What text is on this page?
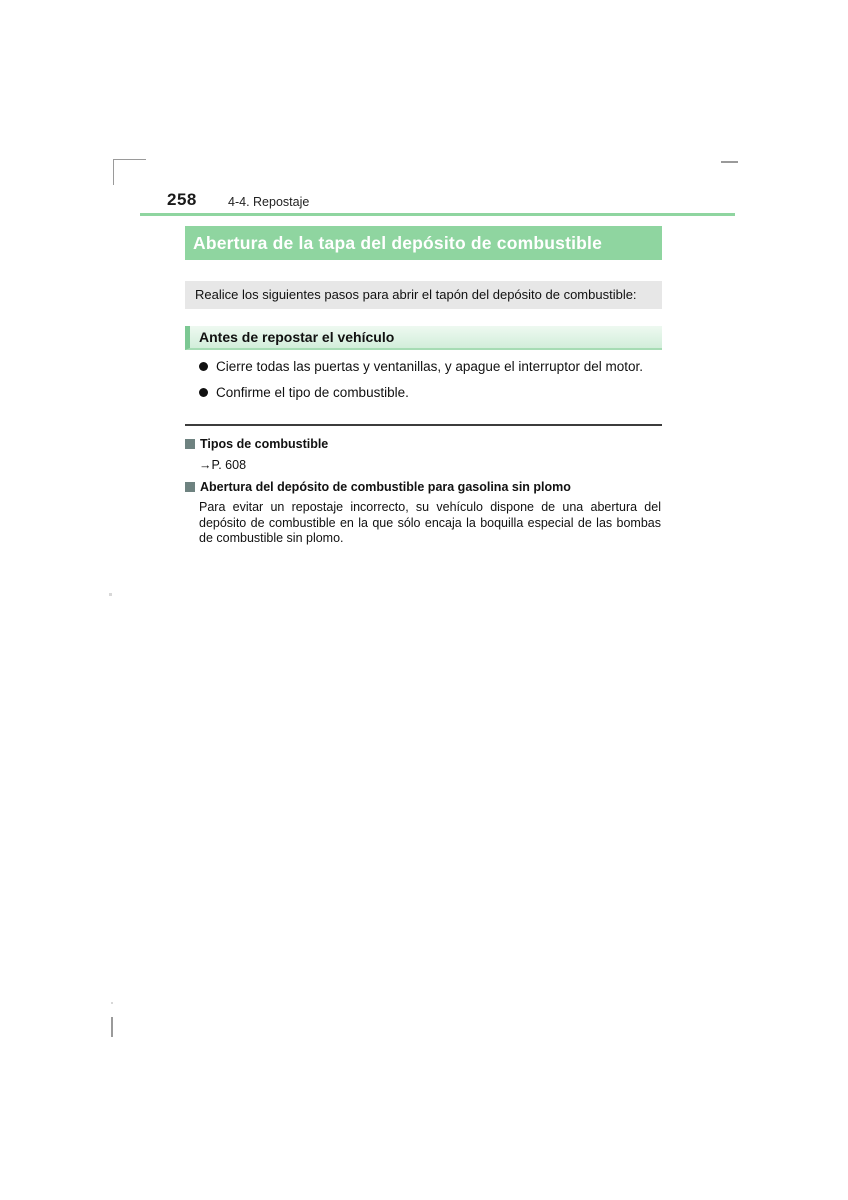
258 4-4. Repostaje
Abertura de la tapa del depósito de combustible
Realice los siguientes pasos para abrir el tapón del depósito de combustible:
Antes de repostar el vehículo
Cierre todas las puertas y ventanillas, y apague el interruptor del motor.
Confirme el tipo de combustible.
Tipos de combustible
→P. 608
Abertura del depósito de combustible para gasolina sin plomo
Para evitar un repostaje incorrecto, su vehículo dispone de una abertura del depósito de combustible en la que sólo encaja la boquilla especial de las bombas de combustible sin plomo.
